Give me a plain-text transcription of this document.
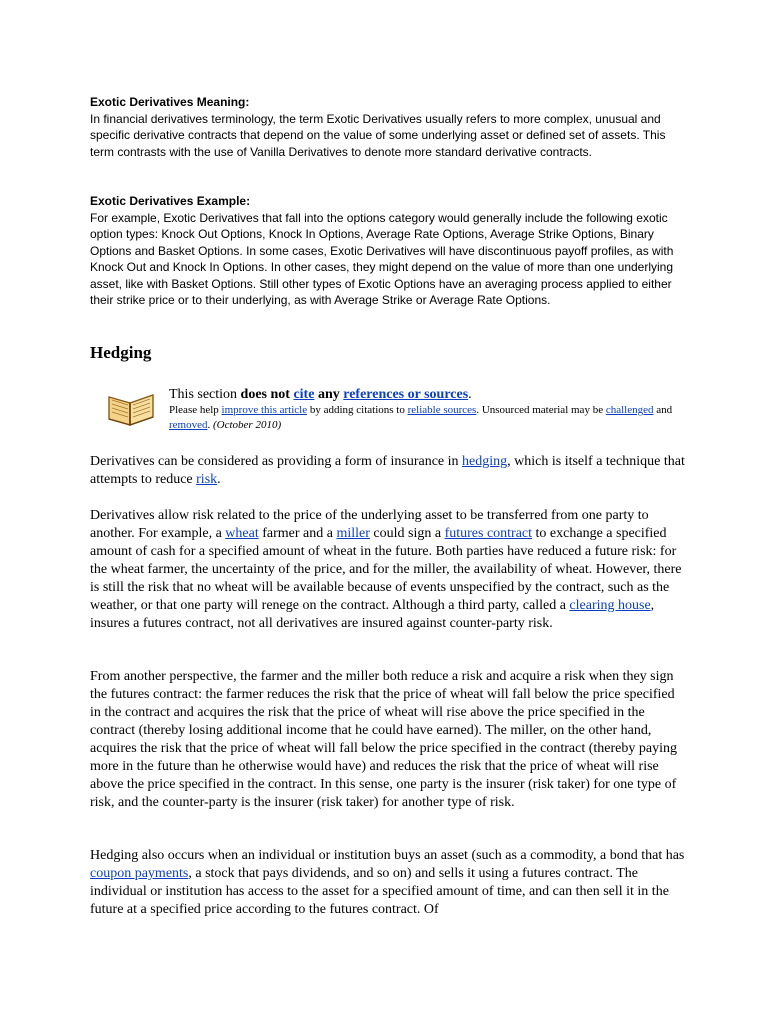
Exotic Derivatives Meaning:
In financial derivatives terminology, the term Exotic Derivatives usually refers to more complex, unusual and specific derivative contracts that depend on the value of some underlying asset or defined set of assets. This term contrasts with the use of Vanilla Derivatives to denote more standard derivative contracts.
Exotic Derivatives Example:
For example, Exotic Derivatives that fall into the options category would generally include the following exotic option types: Knock Out Options, Knock In Options, Average Rate Options, Average Strike Options, Binary Options and Basket Options. In some cases, Exotic Derivatives will have discontinuous payoff profiles, as with Knock Out and Knock In Options. In other cases, they might depend on the value of more than one underlying asset, like with Basket Options. Still other types of Exotic Options have an averaging process applied to either their strike price or to their underlying, as with Average Strike or Average Rate Options.
Hedging
This section does not cite any references or sources.
Please help improve this article by adding citations to reliable sources. Unsourced material may be challenged and removed. (October 2010)

Derivatives can be considered as providing a form of insurance in hedging, which is itself a technique that attempts to reduce risk.

Derivatives allow risk related to the price of the underlying asset to be transferred from one party to another. For example, a wheat farmer and a miller could sign a futures contract to exchange a specified amount of cash for a specified amount of wheat in the future. Both parties have reduced a future risk: for the wheat farmer, the uncertainty of the price, and for the miller, the availability of wheat. However, there is still the risk that no wheat will be available because of events unspecified by the contract, such as the weather, or that one party will renege on the contract. Although a third party, called a clearing house, insures a futures contract, not all derivatives are insured against counter-party risk.

From another perspective, the farmer and the miller both reduce a risk and acquire a risk when they sign the futures contract: the farmer reduces the risk that the price of wheat will fall below the price specified in the contract and acquires the risk that the price of wheat will rise above the price specified in the contract (thereby losing additional income that he could have earned). The miller, on the other hand, acquires the risk that the price of wheat will fall below the price specified in the contract (thereby paying more in the future than he otherwise would have) and reduces the risk that the price of wheat will rise above the price specified in the contract. In this sense, one party is the insurer (risk taker) for one type of risk, and the counter-party is the insurer (risk taker) for another type of risk.

Hedging also occurs when an individual or institution buys an asset (such as a commodity, a bond that has coupon payments, a stock that pays dividends, and so on) and sells it using a futures contract. The individual or institution has access to the asset for a specified amount of time, and can then sell it in the future at a specified price according to the futures contract. Of
